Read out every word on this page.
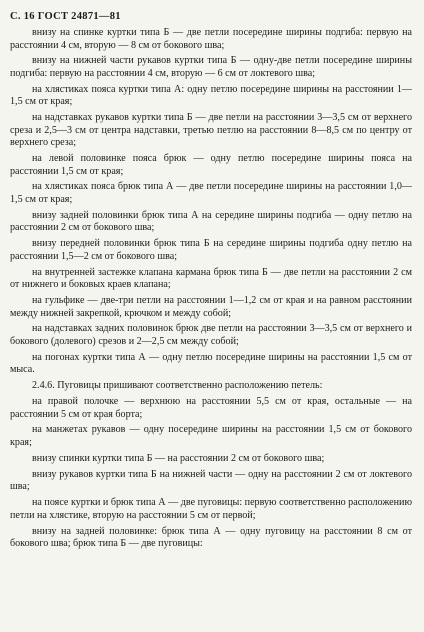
С. 16 ГОСТ 24871—81

внизу на спинке куртки типа Б — две петли посередине ширины подгиба: первую на расстоянии 4 см, вторую — 8 см от бокового шва;

внизу на нижней части рукавов куртки типа Б — одну-две петли посередине ширины подгиба: первую на расстоянии 4 см, вторую — 6 см от локтевого шва;

на хлястиках пояса куртки типа А: одну петлю посередине ширины на расстоянии 1—1,5 см от края;

на надставках рукавов куртки типа Б — две петли на расстоянии 3—3,5 см от верхнего среза и 2,5—3 см от центра надставки, третью петлю на расстоянии 8—8,5 см по центру от верхнего среза;

на левой половинке пояса брюк — одну петлю посередине ширины пояса на расстоянии 1,5 см от края;

на хлястиках пояса брюк типа А — две петли посередине ширины на расстоянии 1,0—1,5 см от края;

внизу задней половинки брюк типа А на середине ширины подгиба — одну петлю на расстоянии 2 см от бокового шва;

внизу передней половинки брюк типа Б на середине ширины подгиба одну петлю на расстоянии 1,5—2 см от бокового шва;

на внутренней застежке клапана кармана брюк типа Б — две петли на расстоянии 2 см от нижнего и боковых краев клапана;

на гульфике — две-три петли на расстоянии 1—1,2 см от края и на равном расстоянии между нижней закрепкой, крючком и между собой;

на надставках задних половинок брюк две петли на расстоянии 3—3,5 см от верхнего и бокового (долевого) срезов и 2—2,5 см между собой;

на погонах куртки типа А — одну петлю посередине ширины на расстоянии 1,5 см от мыса.

2.4.6. Пуговицы пришивают соответственно расположению петель:

на правой полочке — верхнюю на расстоянии 5,5 см от края, остальные — на расстоянии 5 см от края борта;

на манжетах рукавов — одну посередине ширины на расстоянии 1,5 см от бокового края;

внизу спинки куртки типа Б — на расстоянии 2 см от бокового шва;

внизу рукавов куртки типа Б на нижней части — одну на расстоянии 2 см от локтевого шва;

на поясе куртки и брюк типа А — две пуговицы: первую соответственно расположению петли на хлястике, вторую на расстоянии 5 см от первой;

внизу на задней половинке: брюк типа А — одну пуговицу на расстоянии 8 см от бокового шва; брюк типа Б — две пуговицы:
